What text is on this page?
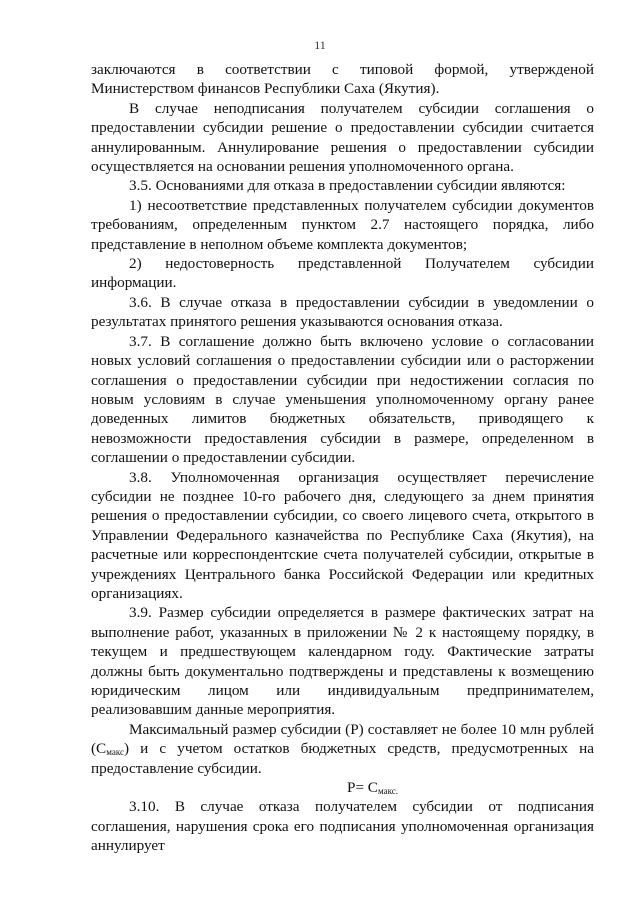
11

заключаются в соответствии с типовой формой, утвержденой Министерством финансов Республики Саха (Якутия).

В случае неподписания получателем субсидии соглашения о предоставлении субсидии решение о предоставлении субсидии считается аннулированным. Аннулирование решения о предоставлении субсидии осуществляется на основании решения уполномоченного органа.

3.5. Основаниями для отказа в предоставлении субсидии являются:

1) несоответствие представленных получателем субсидии документов требованиям, определенным пунктом 2.7 настоящего порядка, либо представление в неполном объеме комплекта документов;

2) недостоверность представленной Получателем субсидии информации.

3.6. В случае отказа в предоставлении субсидии в уведомлении о результатах принятого решения указываются основания отказа.

3.7. В соглашение должно быть включено условие о согласовании новых условий соглашения о предоставлении субсидии или о расторжении соглашения о предоставлении субсидии при недостижении согласия по новым условиям в случае уменьшения уполномоченному органу ранее доведенных лимитов бюджетных обязательств, приводящего к невозможности предоставления субсидии в размере, определенном в соглашении о предоставлении субсидии.

3.8. Уполномоченная организация осуществляет перечисление субсидии не позднее 10-го рабочего дня, следующего за днем принятия решения о предоставлении субсидии, со своего лицевого счета, открытого в Управлении Федерального казначейства по Республике Саха (Якутия), на расчетные или корреспондентские счета получателей субсидии, открытые в учреждениях Центрального банка Российской Федерации или кредитных организациях.

3.9. Размер субсидии определяется в размере фактических затрат на выполнение работ, указанных в приложении № 2 к настоящему порядку, в текущем и предшествующем календарном году. Фактические затраты должны быть документально подтверждены и представлены к возмещению юридическим лицом или индивидуальным предпринимателем, реализовавшим данные мероприятия.

Максимальный размер субсидии (Р) составляет не более 10 млн рублей $(С_{макс})$ и с учетом остатков бюджетных средств, предусмотренных на предоставление субсидии.

$Р= С_{макс.}$

3.10. В случае отказа получателем субсидии от подписания соглашения, нарушения срока его подписания уполномоченная организация аннулирует
